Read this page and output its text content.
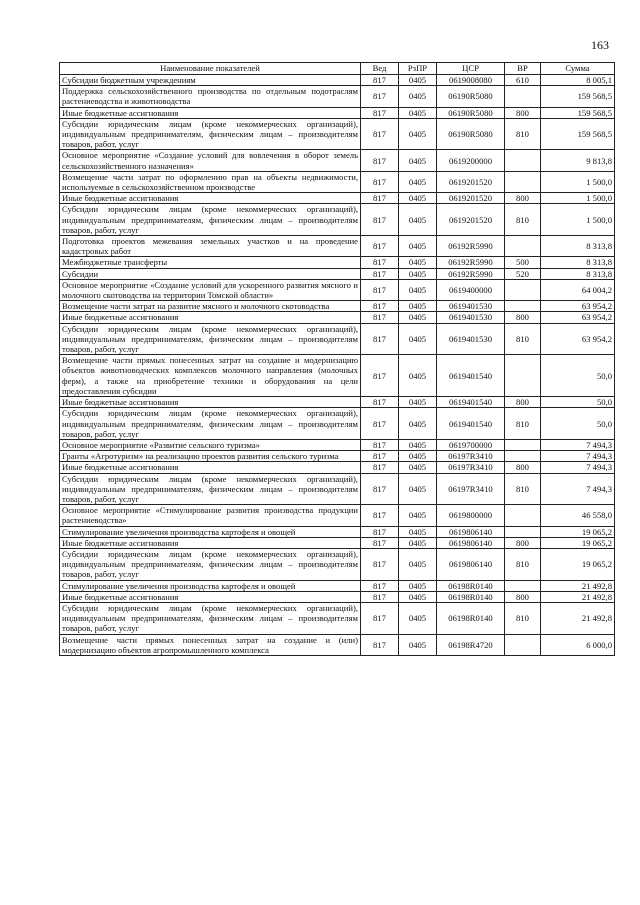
163
Наименование показателей	Вед	РзПР	ЦСР	ВР	Сумма
Субсидии бюджетным учреждениям	817	0405	0619008080	610	8 005,1
Поддержка сельскохозяйственного производства по отдельным подотраслям растениеводства и животноводства	817	0405	06190R5080		159 568,5
Иные бюджетные ассигнования	817	0405	06190R5080	800	159 568,5
Субсидии юридическим лицам (кроме некоммерческих организаций), индивидуальным предпринимателям, физическим лицам – производителям товаров, работ, услуг	817	0405	06190R5080	810	159 568,5
Основное мероприятие «Создание условий для вовлечения в оборот земель сельскохозяйственного назначения»	817	0405	0619200000		9 813,8
Возмещение части затрат по оформлению прав на объекты недвижимости, используемые в сельскохозяйственном производстве	817	0405	0619201520		1 500,0
Иные бюджетные ассигнования	817	0405	0619201520	800	1 500,0
Субсидии юридическим лицам (кроме некоммерческих организаций), индивидуальным предпринимателям, физическим лицам – производителям товаров, работ, услуг	817	0405	0619201520	810	1 500,0
Подготовка проектов межевания земельных участков и на проведение кадастровых работ	817	0405	06192R5990		8 313,8
Межбюджетные трансферты	817	0405	06192R5990	500	8 313,8
Субсидии	817	0405	06192R5990	520	8 313,8
Основное мероприятие «Создание условий для ускоренного развития мясного и молочного скотоводства на территории Томской области»	817	0405	0619400000		64 004,2
Возмещение части затрат на развитие мясного и молочного скотоводства	817	0405	0619401530		63 954,2
Иные бюджетные ассигнования	817	0405	0619401530	800	63 954,2
Субсидии юридическим лицам (кроме некоммерческих организаций), индивидуальным предпринимателям, физическим лицам – производителям товаров, работ, услуг	817	0405	0619401530	810	63 954,2
Возмещение части прямых понесенных затрат на создание и модернизацию объектов животноводческих комплексов молочного направления (молочных ферм), а также на приобретение техники и оборудования на цели предоставления субсидии	817	0405	0619401540		50,0
Иные бюджетные ассигнования	817	0405	0619401540	800	50,0
Субсидии юридическим лицам (кроме некоммерческих организаций), индивидуальным предпринимателям, физическим лицам – производителям товаров, работ, услуг	817	0405	0619401540	810	50,0
Основное мероприятие «Развитие сельского туризма»	817	0405	0619700000		7 494,3
Гранты «Агротуризм» на реализацию проектов развития сельского туризма	817	0405	06197R3410		7 494,3
Иные бюджетные ассигнования	817	0405	06197R3410	800	7 494,3
Субсидии юридическим лицам (кроме некоммерческих организаций), индивидуальным предпринимателям, физическим лицам – производителям товаров, работ, услуг	817	0405	06197R3410	810	7 494,3
Основное мероприятие «Стимулирование развития производства продукции растениеводства»	817	0405	0619800000		46 558,0
Стимулирование увеличения производства картофеля и овощей	817	0405	0619806140		19 065,2
Иные бюджетные ассигнования	817	0405	0619806140	800	19 065,2
Субсидии юридическим лицам (кроме некоммерческих организаций), индивидуальным предпринимателям, физическим лицам – производителям товаров, работ, услуг	817	0405	0619806140	810	19 065,2
Стимулирование увеличения производства картофеля и овощей	817	0405	06198R0140		21 492,8
Иные бюджетные ассигнования	817	0405	06198R0140	800	21 492,8
Субсидии юридическим лицам (кроме некоммерческих организаций), индивидуальным предпринимателям, физическим лицам – производителям товаров, работ, услуг	817	0405	06198R0140	810	21 492,8
Возмещение части прямых понесенных затрат на создание и (или) модернизацию объектов агропромышленного комплекса	817	0405	06198R4720		6 000,0
